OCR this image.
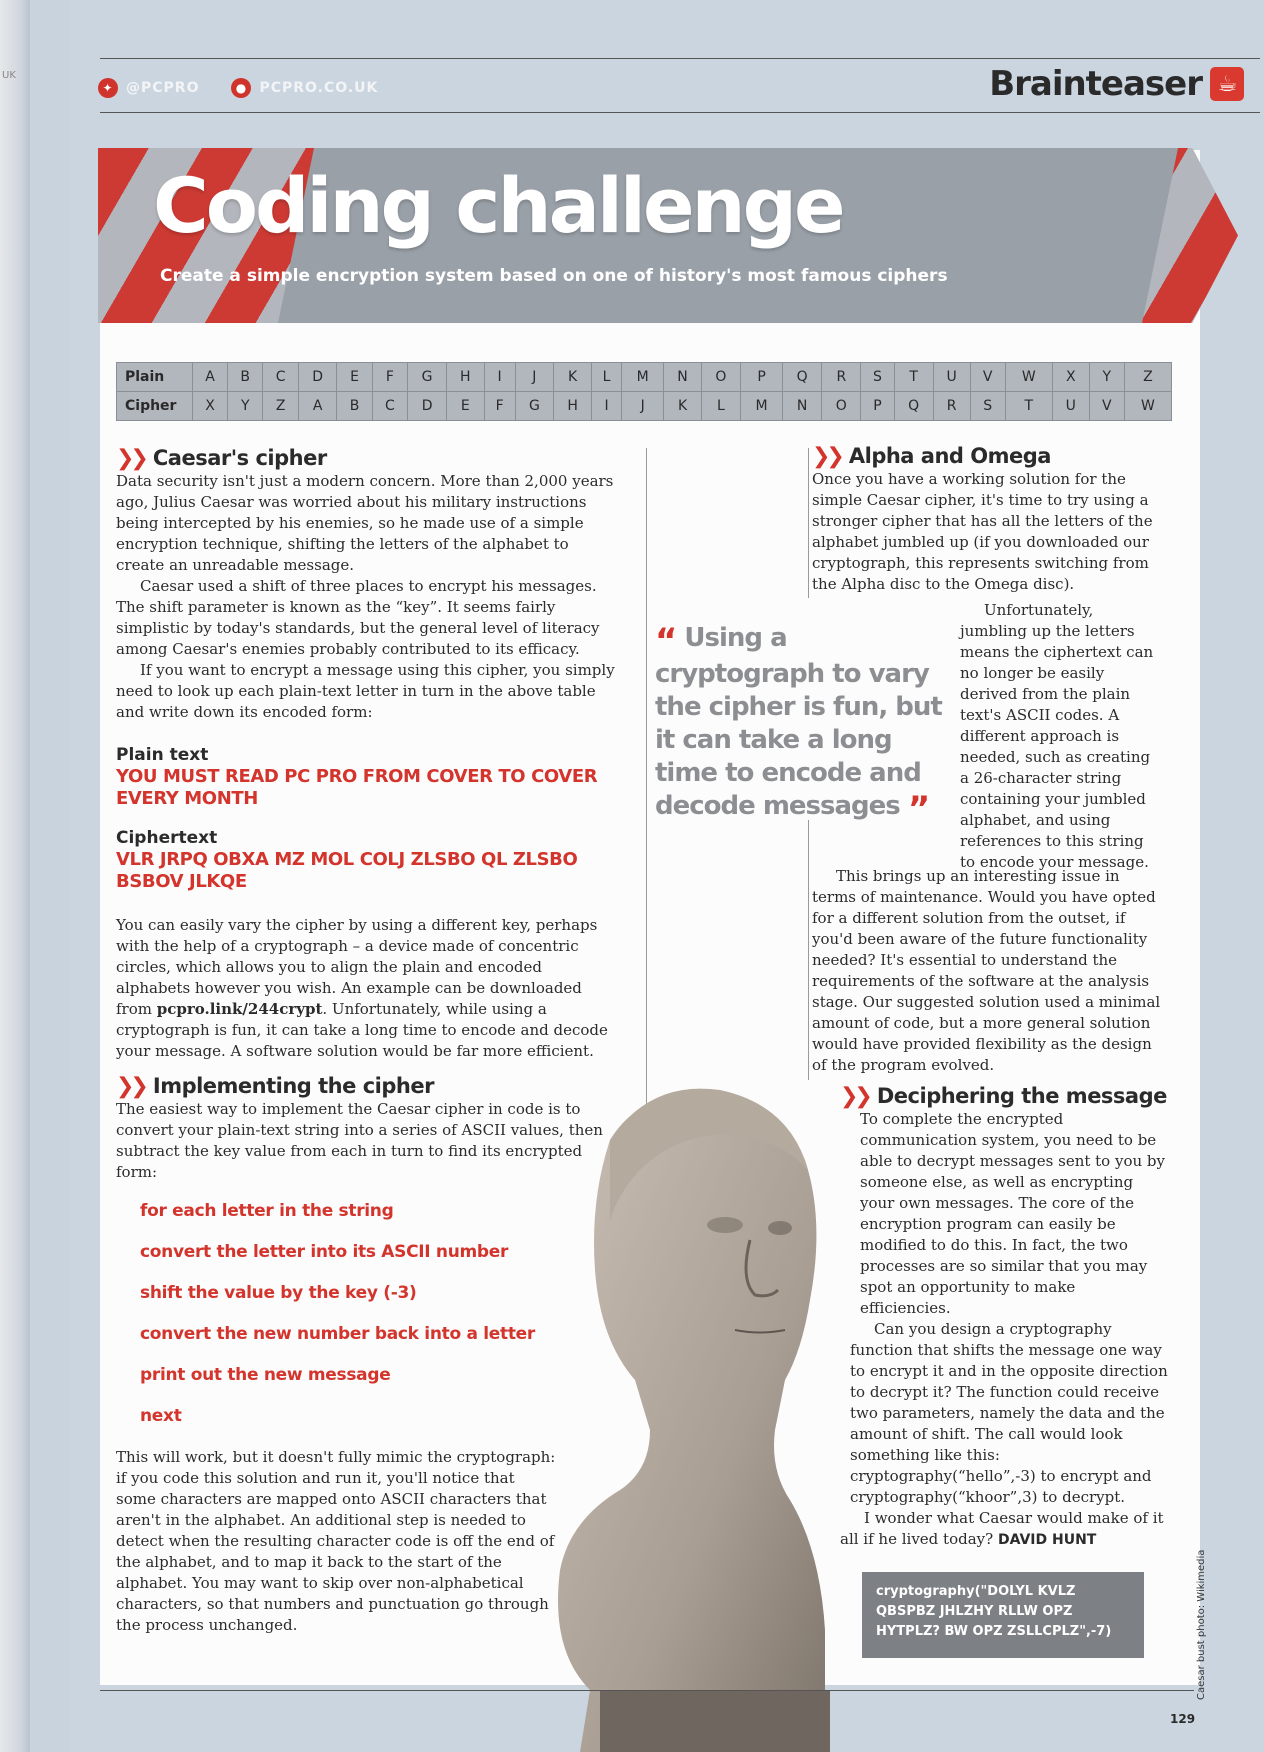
UK
✦ @PCPRO	● PCPRO.CO.UK	Brainteaser ☕
Coding challenge
Create a simple encryption system based on one of history's most famous ciphers
Plain	A	B	C	D	E	F	G	H	I	J	K	L	M	N	O	P	Q	R	S	T	U	V	W	X	Y	Z
Cipher	X	Y	Z	A	B	C	D	E	F	G	H	I	J	K	L	M	N	O	P	Q	R	S	T	U	V	W
❯❯ Caesar's cipher

Data security isn't just a modern concern. More than 2,000 years ago, Julius Caesar was worried about his military instructions being intercepted by his enemies, so he made use of a simple encryption technique, shifting the letters of the alphabet to create an unreadable message.

Caesar used a shift of three places to encrypt his messages. The shift parameter is known as the “key”. It seems fairly simplistic by today's standards, but the general level of literacy among Caesar's enemies probably contributed to its efficacy.

If you want to encrypt a message using this cipher, you simply need to look up each plain-text letter in turn in the above table and write down its encoded form:

Plain text
YOU MUST READ PC PRO FROM COVER TO COVER EVERY MONTH
Ciphertext
VLR JRPQ OBXA MZ MOL COLJ ZLSBO QL ZLSBO BSBOV JLKQE

You can easily vary the cipher by using a different key, perhaps with the help of a cryptograph – a device made of concentric circles, which allows you to align the plain and encoded alphabets however you wish. An example can be downloaded from pcpro.link/244crypt. Unfortunately, while using a cryptograph is fun, it can take a long time to encode and decode your message. A software solution would be far more efficient.

❯❯ Implementing the cipher

The easiest way to implement the Caesar cipher in code is to convert your plain-text string into a series of ASCII values, then subtract the key value from each in turn to find its encrypted form:

for each letter in the string
convert the letter into its ASCII number
shift the value by the key (-3)
convert the new number back into a letter
print out the new message
next

This will work, but it doesn't fully mimic the cryptograph: if you code this solution and run it, you'll notice that some characters are mapped onto ASCII characters that aren't in the alphabet. An additional step is needed to detect when the resulting character code is off the end of the alphabet, and to map it back to the start of the alphabet. You may want to skip over non-alphabetical characters, so that numbers and punctuation go through the process unchanged.

“ Using a cryptograph to vary the cipher is fun, but it can take a long time to encode and decode messages ”
❯❯ Alpha and Omega

Once you have a working solution for the simple Caesar cipher, it's time to try using a stronger cipher that has all the letters of the alphabet jumbled up (if you downloaded our cryptograph, this represents switching from the Alpha disc to the Omega disc).

Unfortunately, jumbling up the letters means the ciphertext can no longer be easily derived from the plain text's ASCII codes. A different approach is needed, such as creating a 26-character string containing your jumbled alphabet, and using references to this string to encode your message.

This brings up an interesting issue in terms of maintenance. Would you have opted for a different solution from the outset, if you'd been aware of the future functionality needed? It's essential to understand the requirements of the software at the analysis stage. Our suggested solution used a minimal amount of code, but a more general solution would have provided flexibility as the design of the program evolved.

❯❯ Deciphering the message

To complete the encrypted communication system, you need to be able to decrypt messages sent to you by someone else, as well as encrypting your own messages. The core of the encryption program can easily be modified to do this. In fact, the two processes are so similar that you may spot an opportunity to make efficiencies.

Can you design a cryptography function that shifts the message one way to encrypt it and in the opposite direction to decrypt it? The function could receive two parameters, namely the data and the amount of shift. The call would look something like this: cryptography(“hello”,-3) to encrypt and cryptography(“khoor”,3) to decrypt.

I wonder what Caesar would make of it all if he lived today? DAVID HUNT

cryptography("DOLYL KVLZ QBSPBZ JHLZHY RLLW OPZ HYTPLZ? BW OPZ ZSLLCPLZ",-7)	Caesar bust photo: Wikimedia
129
